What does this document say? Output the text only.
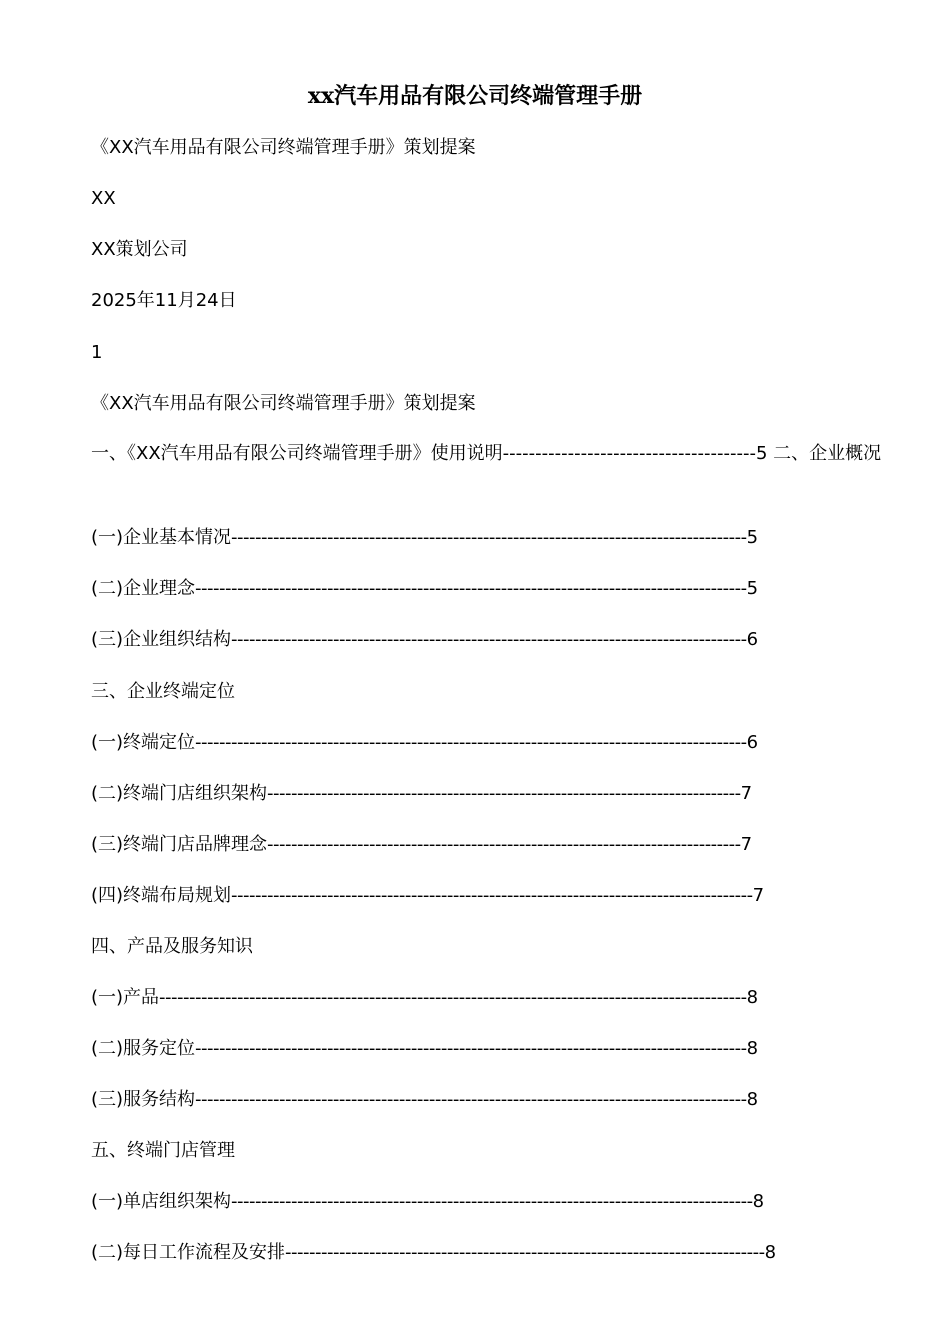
xx汽车用品有限公司终端管理手册
《XX汽车用品有限公司终端管理手册》策划提案
XX
XX策划公司
2025年11月24日
1
《XX汽车用品有限公司终端管理手册》策划提案
一、《XX汽车用品有限公司终端管理手册》使用说明---------------------------------------5 二、企业概况
(一)企业基本情况--------------------------------------------------------------------------------------5
(二)企业理念--------------------------------------------------------------------------------------------5
(三)企业组织结构--------------------------------------------------------------------------------------6
三、企业终端定位
(一)终端定位--------------------------------------------------------------------------------------------6
(二)终端门店组织架构-------------------------------------------------------------------------------7
(三)终端门店品牌理念-------------------------------------------------------------------------------7
(四)终端布局规划---------------------------------------------------------------------------------------7
四、产品及服务知识
(一)产品--------------------------------------------------------------------------------------------------8
(二)服务定位--------------------------------------------------------------------------------------------8
(三)服务结构--------------------------------------------------------------------------------------------8
五、终端门店管理
(一)单店组织架构---------------------------------------------------------------------------------------8
(二)每日工作流程及安排--------------------------------------------------------------------------------8
